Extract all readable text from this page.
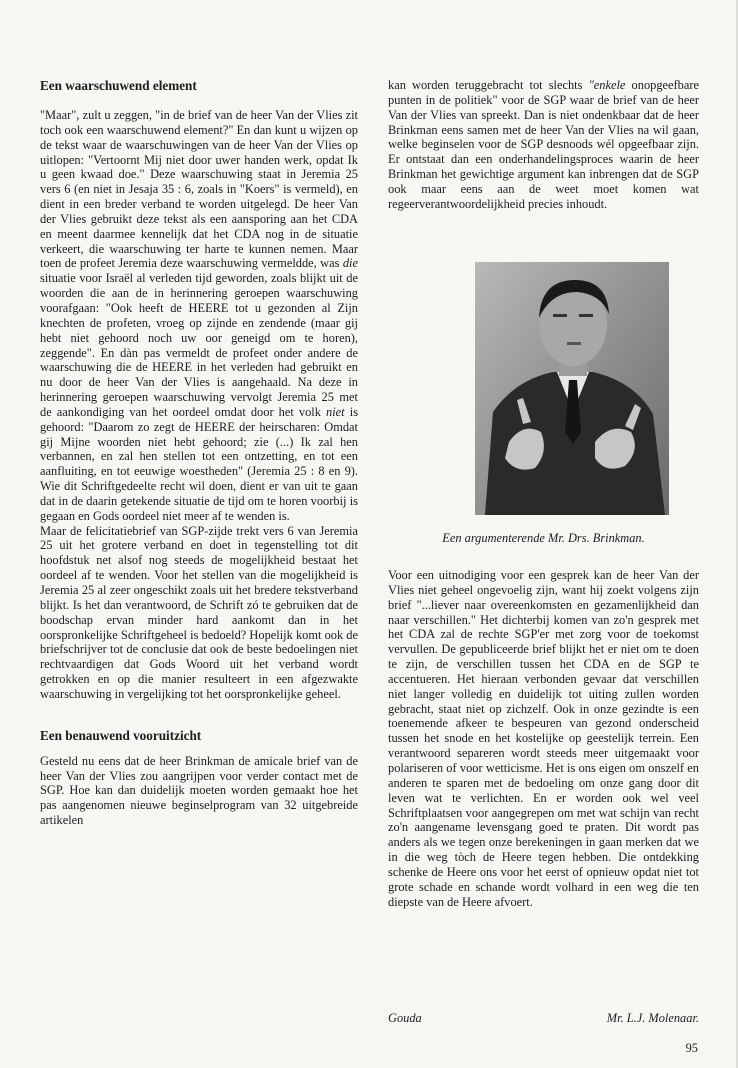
Een waarschuwend element

"Maar", zult u zeggen, "in de brief van de heer Van der Vlies zit toch ook een waarschuwend element?" En dan kunt u wijzen op de tekst waar de waarschuwingen van de heer Van der Vlies op uitlopen: "Vertoornt Mij niet door uwer handen werk, opdat Ik u geen kwaad doe." Deze waarschuwing staat in Jeremia 25 vers 6 (en niet in Jesaja 35 : 6, zoals in "Koers" is vermeld), en dient in een breder verband te worden uitgelegd. De heer Van der Vlies gebruikt deze tekst als een aansporing aan het CDA en meent daarmee kennelijk dat het CDA nog in de situatie verkeert, die waarschuwing ter harte te kunnen nemen. Maar toen de profeet Jeremia deze waarschuwing vermeldde, was die situatie voor Israël al verleden tijd geworden, zoals blijkt uit de woorden die aan de in herinnering geroepen waarschuwing voorafgaan: "Ook heeft de HEERE tot u gezonden al Zijn knechten de profeten, vroeg op zijnde en zendende (maar gij hebt niet gehoord noch uw oor geneigd om te horen), zeggende". En dàn pas vermeldt de profeet onder andere de waarschuwing die de HEERE in het verleden had gebruikt en nu door de heer Van der Vlies is aangehaald. Na deze in herinnering geroepen waarschuwing vervolgt Jeremia 25 met de aankondiging van het oordeel omdat door het volk niet is gehoord: "Daarom zo zegt de HEERE der heirscharen: Omdat gij Mijne woorden niet hebt gehoord; zie (...) Ik zal hen verbannen, en zal hen stellen tot een ontzetting, en tot een aanfluiting, en tot eeuwige woestheden" (Jeremia 25 : 8 en 9). Wie dit Schriftgedeelte recht wil doen, dient er van uit te gaan dat in de daarin getekende situatie de tijd om te horen voorbij is gegaan en Gods oordeel niet meer af te wenden is.

Maar de felicitatiebrief van SGP-zijde trekt vers 6 van Jeremia 25 uit het grotere verband en doet in tegenstelling tot dit hoofdstuk net alsof nog steeds de mogelijkheid bestaat het oordeel af te wenden. Voor het stellen van die mogelijkheid is Jeremia 25 al zeer ongeschikt zoals uit het bredere tekstverband blijkt. Is het dan verantwoord, de Schrift zó te gebruiken dat de boodschap ervan minder hard aankomt dan in het oorspronkelijke Schriftgeheel is bedoeld? Hopelijk komt ook de briefschrijver tot de conclusie dat ook de beste bedoelingen niet rechtvaardigen dat Gods Woord uit het verband wordt getrokken en op die manier resulteert in een afgezwakte waarschuwing in vergelijking tot het oorspronkelijke geheel.

Een benauwend vooruitzicht

Gesteld nu eens dat de heer Brinkman de amicale brief van de heer Van der Vlies zou aangrijpen voor verder contact met de SGP. Hoe kan dan duidelijk moeten worden gemaakt hoe het pas aangenomen nieuwe beginselprogram van 32 uitgebreide artikelen

kan worden teruggebracht tot slechts "enkele onopgeefbare punten in de politiek" voor de SGP waar de brief van de heer Van der Vlies van spreekt. Dan is niet ondenkbaar dat de heer Brinkman eens samen met de heer Van der Vlies na wil gaan, welke beginselen voor de SGP desnoods wél opgeefbaar zijn. Er ontstaat dan een onderhandelingsproces waarin de heer Brinkman het gewichtige argument kan inbrengen dat de SGP ook maar eens aan de weet moet komen wat regeerverantwoordelijkheid precies inhoudt.

Een argumenterende Mr. Drs. Brinkman.

Voor een uitnodiging voor een gesprek kan de heer Van der Vlies niet geheel ongevoelig zijn, want hij zoekt volgens zijn brief "...liever naar overeenkomsten en gezamenlijkheid dan naar verschillen." Het dichterbij komen van zo'n gesprek met het CDA zal de rechte SGP'er met zorg voor de toekomst vervullen. De gepubliceerde brief blijkt het er niet om te doen te zijn, de verschillen tussen het CDA en de SGP te accentueren. Het hieraan verbonden gevaar dat verschillen niet langer volledig en duidelijk tot uiting zullen worden gebracht, staat niet op zichzelf. Ook in onze gezindte is een toenemende afkeer te bespeuren van gezond onderscheid tussen het snode en het kostelijke op geestelijk terrein. Een verantwoord separeren wordt steeds meer uitgemaakt voor polariseren of voor wetticisme. Het is ons eigen om onszelf en anderen te sparen met de bedoeling om onze gang door dit leven wat te verlichten. En er worden ook wel veel Schriftplaatsen voor aangegrepen om met wat schijn van recht zo'n aangename levensgang goed te praten. Dit wordt pas anders als we tegen onze berekeningen in gaan merken dat we in die weg tòch de Heere tegen hebben. Die ontdekking schenke de Heere ons voor het eerst of opnieuw opdat niet tot grote schade en schande wordt volhard in een weg die ten diepste van de Heere afvoert.

Gouda	Mr. L.J. Molenaar.
95
